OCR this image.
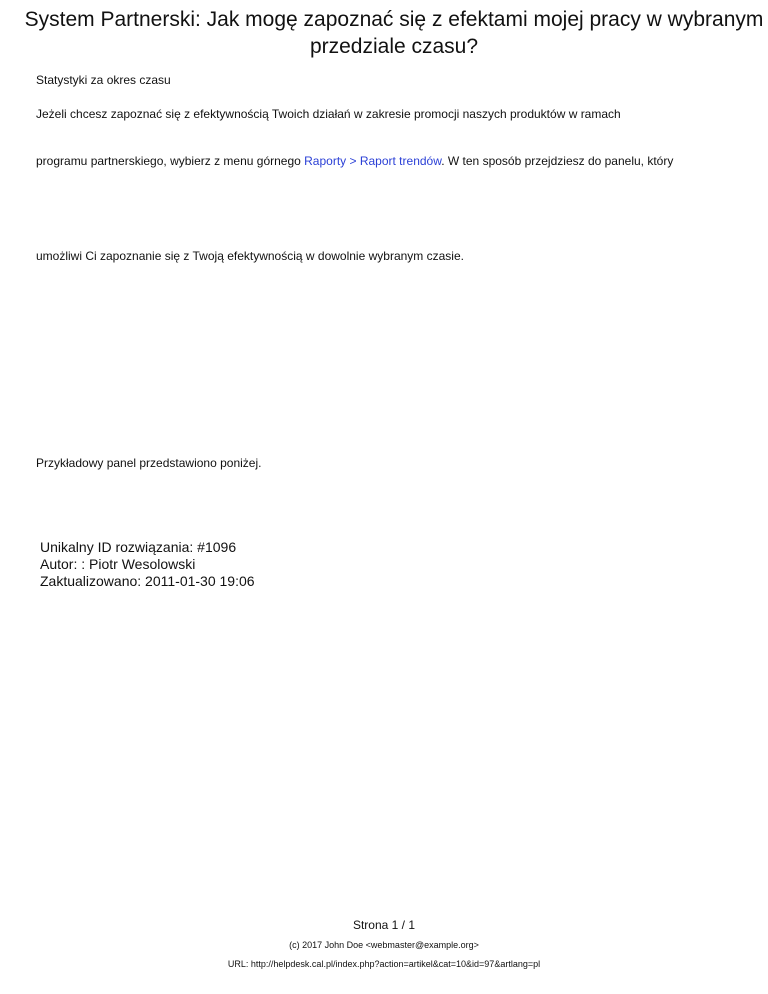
System Partnerski: Jak mogę zapoznać się z efektami mojej pracy w wybranym przedziale czasu?
Statystyki za okres czasu
Jeżeli chcesz zapoznać się z efektywnością Twoich działań w zakresie promocji naszych produktów w ramach
programu partnerskiego, wybierz z menu górnego Raporty > Raport trendów. W ten sposób przejdziesz do panelu, który
umożliwi Ci zapoznanie się z Twoją efektywnością w dowolnie wybranym czasie.
Przykładowy panel przedstawiono poniżej.
Unikalny ID rozwiązania: #1096
Autor: : Piotr Wesolowski
Zaktualizowano: 2011-01-30 19:06
Strona 1 / 1
(c) 2017 John Doe <webmaster@example.org>
URL: http://helpdesk.cal.pl/index.php?action=artikel&cat=10&id=97&artlang=pl
